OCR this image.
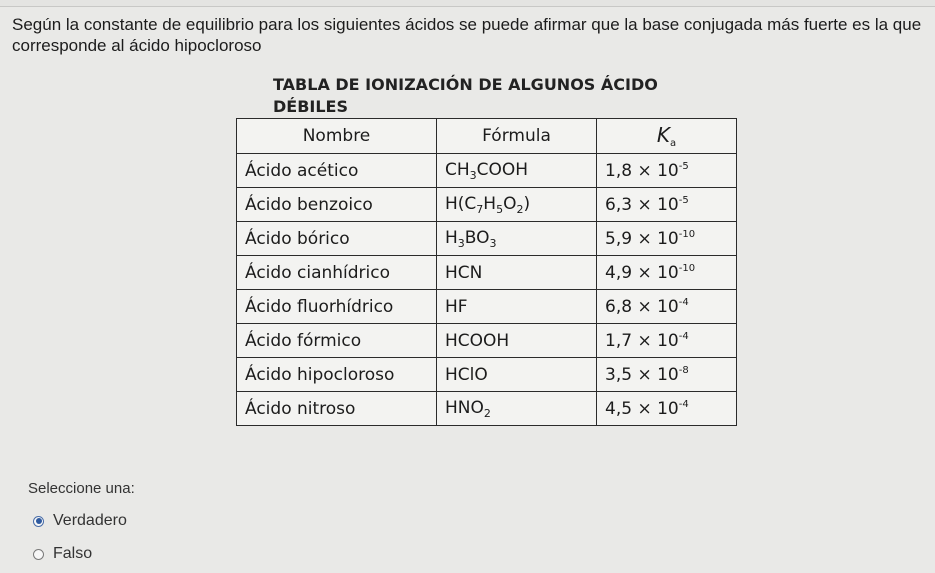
Según la constante de equilibrio para los siguientes ácidos se puede afirmar que la base conjugada más fuerte es la que corresponde al ácido hipocloroso
TABLA DE IONIZACIÓN DE ALGUNOS ÁCIDO
DÉBILES
Nombre	Fórmula	$K_a$
Ácido acético	$CH_3COOH$	$1,8 \times 10^{-5}$
Ácido benzoico	$H(C_7H_5O_2)$	$6,3 \times 10^{-5}$
Ácido bórico	$H_3BO_3$	$5,9 \times 10^{-10}$
Ácido cianhídrico	HCN	$4,9 \times 10^{-10}$
Ácido fluorhídrico	HF	$6,8 \times 10^{-4}$
Ácido fórmico	HCOOH	$1,7 \times 10^{-4}$
Ácido hipocloroso	HClO	$3,5 \times 10^{-8}$
Ácido nitroso	$HNO_2$	$4,5 \times 10^{-4}$
Seleccione una:
Verdadero
Falso
